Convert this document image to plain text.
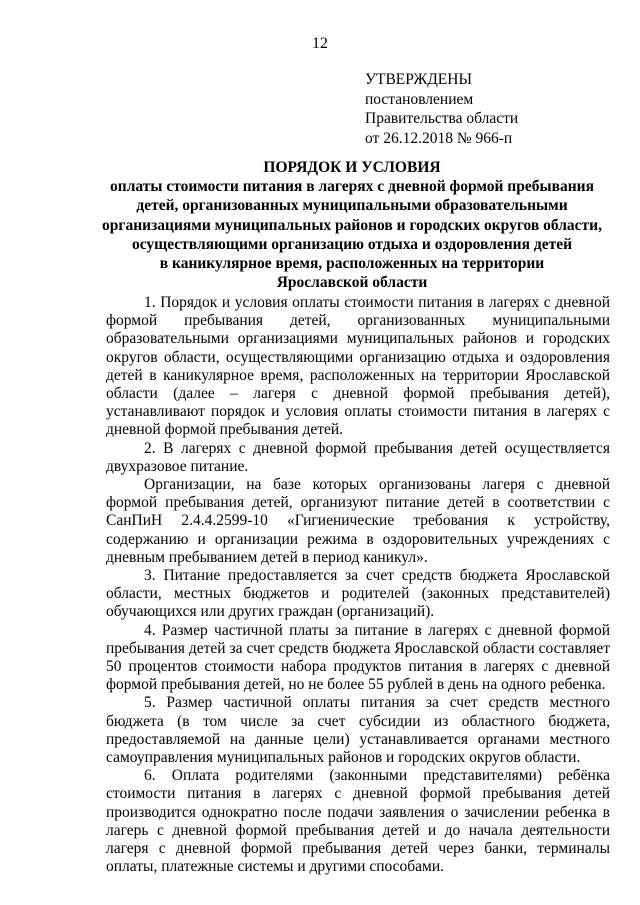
12
УТВЕРЖДЕНЫ
постановлением
Правительства области
от 26.12.2018 № 966-п
ПОРЯДОК И УСЛОВИЯ
оплаты стоимости питания в лагерях с дневной формой пребывания
детей, организованных муниципальными образовательными
организациями муниципальных районов и городских округов области,
осуществляющими организацию отдыха и оздоровления детей
в каникулярное время, расположенных на территории
Ярославской области

1. Порядок и условия оплаты стоимости питания в лагерях с дневной формой пребывания детей, организованных муниципальными образовательными организациями муниципальных районов и городских округов области, осуществляющими организацию отдыха и оздоровления детей в каникулярное время, расположенных на территории Ярославской области (далее – лагеря с дневной формой пребывания детей), устанавливают порядок и условия оплаты стоимости питания в лагерях с дневной формой пребывания детей.

2. В лагерях с дневной формой пребывания детей осуществляется двухразовое питание.

Организации, на базе которых организованы лагеря с дневной формой пребывания детей, организуют питание детей в соответствии с СанПиН 2.4.4.2599-10 «Гигиенические требования к устройству, содержанию и организации режима в оздоровительных учреждениях с дневным пребыванием детей в период каникул».

3. Питание предоставляется за счет средств бюджета Ярославской области, местных бюджетов и родителей (законных представителей) обучающихся или других граждан (организаций).

4. Размер частичной платы за питание в лагерях с дневной формой пребывания детей за счет средств бюджета Ярославской области составляет 50 процентов стоимости набора продуктов питания в лагерях с дневной формой пребывания детей, но не более 55 рублей в день на одного ребенка.

5. Размер частичной оплаты питания за счет средств местного бюджета (в том числе за счет субсидии из областного бюджета, предоставляемой на данные цели) устанавливается органами местного самоуправления муниципальных районов и городских округов области.

6. Оплата родителями (законными представителями) ребёнка стоимости питания в лагерях с дневной формой пребывания детей производится однократно после подачи заявления о зачислении ребенка в лагерь с дневной формой пребывания детей и до начала деятельности лагеря с дневной формой пребывания детей через банки, терминалы оплаты, платежные системы и другими способами.
